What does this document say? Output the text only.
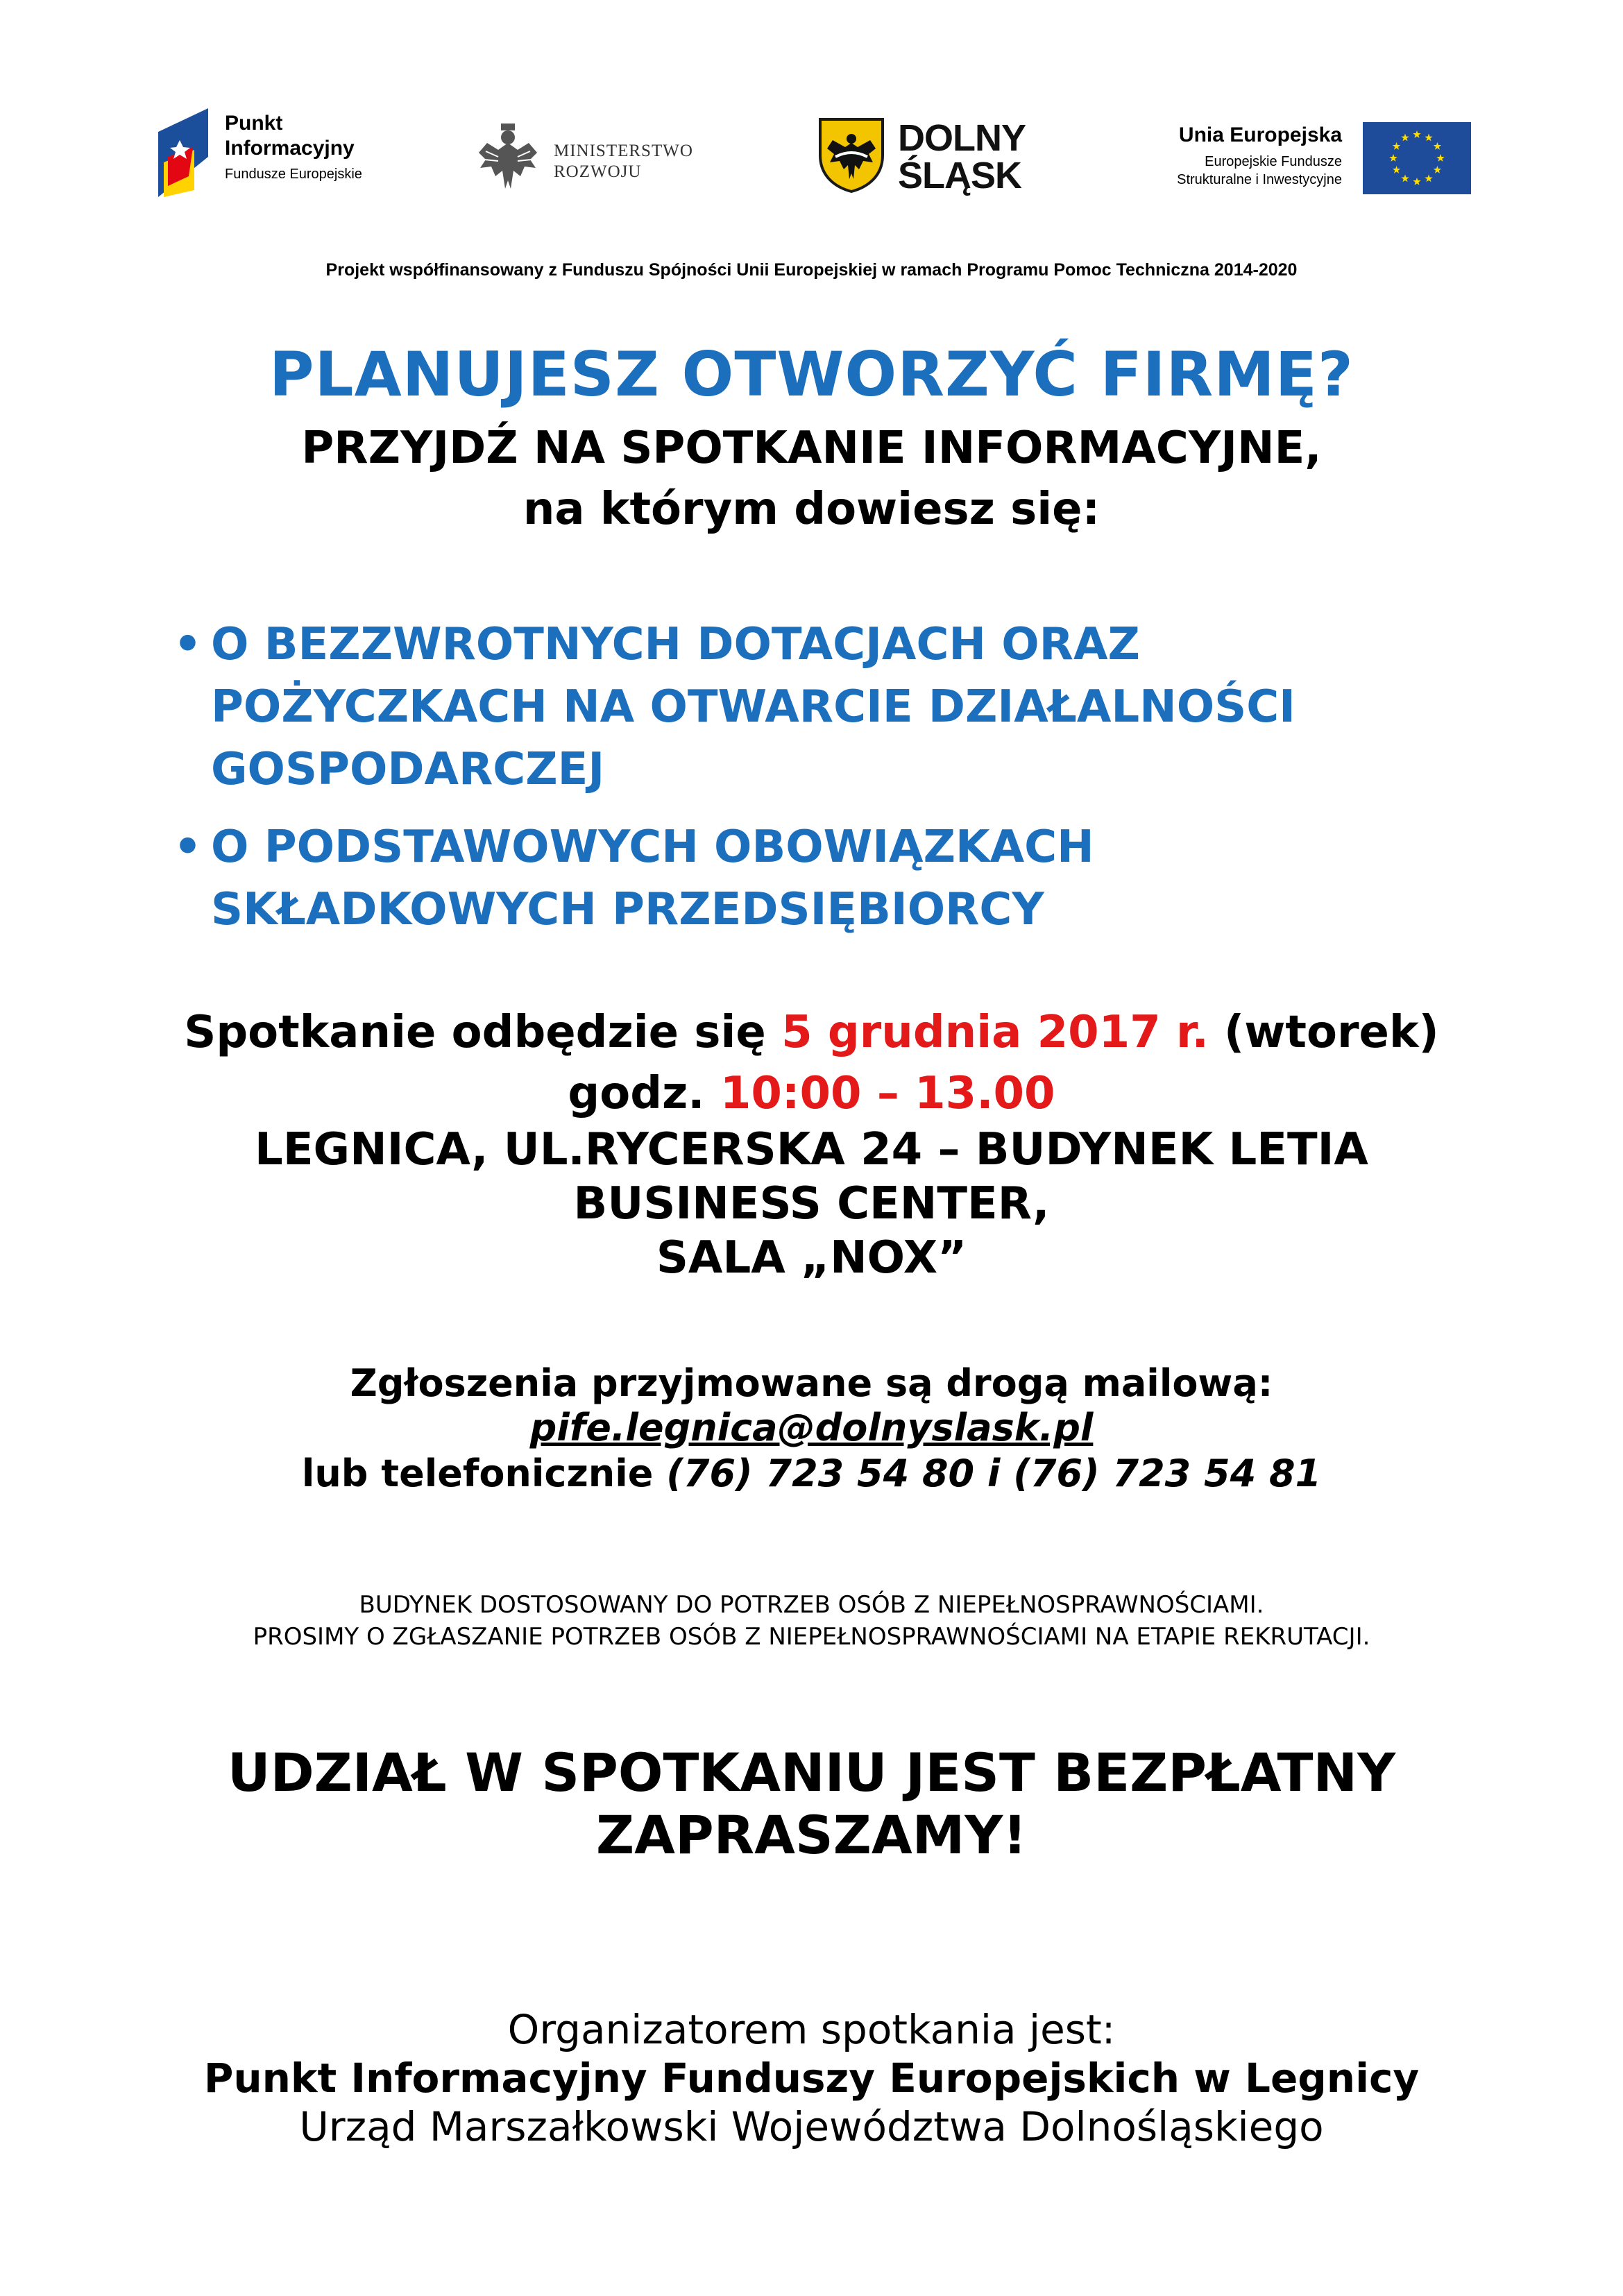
Punkt
Informacyjny
Fundusze Europejskie
MINISTERSTWO
ROZWOJU
DOLNY
ŚLĄSK
Unia Europejska
Europejskie Fundusze
Strukturalne i Inwestycyjne
Projekt współfinansowany z Funduszu Spójności Unii Europejskiej w ramach Programu Pomoc Techniczna 2014-2020
PLANUJESZ OTWORZYĆ FIRMĘ?
PRZYJDŹ NA SPOTKANIE INFORMACYJNE,
na którym dowiesz się:
• O BEZZWROTNYCH DOTACJACH ORAZ
POŻYCZKACH NA OTWARCIE DZIAŁALNOŚCI
GOSPODARCZEJ
• O PODSTAWOWYCH OBOWIĄZKACH
SKŁADKOWYCH PRZEDSIĘBIORCY
Spotkanie odbędzie się 5 grudnia 2017 r. (wtorek)
godz. 10:00 – 13.00
LEGNICA, UL.RYCERSKA 24 – BUDYNEK LETIA
BUSINESS CENTER,
SALA „NOX”
Zgłoszenia przyjmowane są drogą mailową:
pife.legnica@dolnyslask.pl
lub telefonicznie (76) 723 54 80 i (76) 723 54 81
BUDYNEK DOSTOSOWANY DO POTRZEB OSÓB Z NIEPEŁNOSPRAWNOŚCIAMI.
PROSIMY O ZGŁASZANIE POTRZEB OSÓB Z NIEPEŁNOSPRAWNOŚCIAMI NA ETAPIE REKRUTACJI.
UDZIAŁ W SPOTKANIU JEST BEZPŁATNY
ZAPRASZAMY!
Organizatorem spotkania jest:
Punkt Informacyjny Funduszy Europejskich w Legnicy
Urząd Marszałkowski Województwa Dolnośląskiego
